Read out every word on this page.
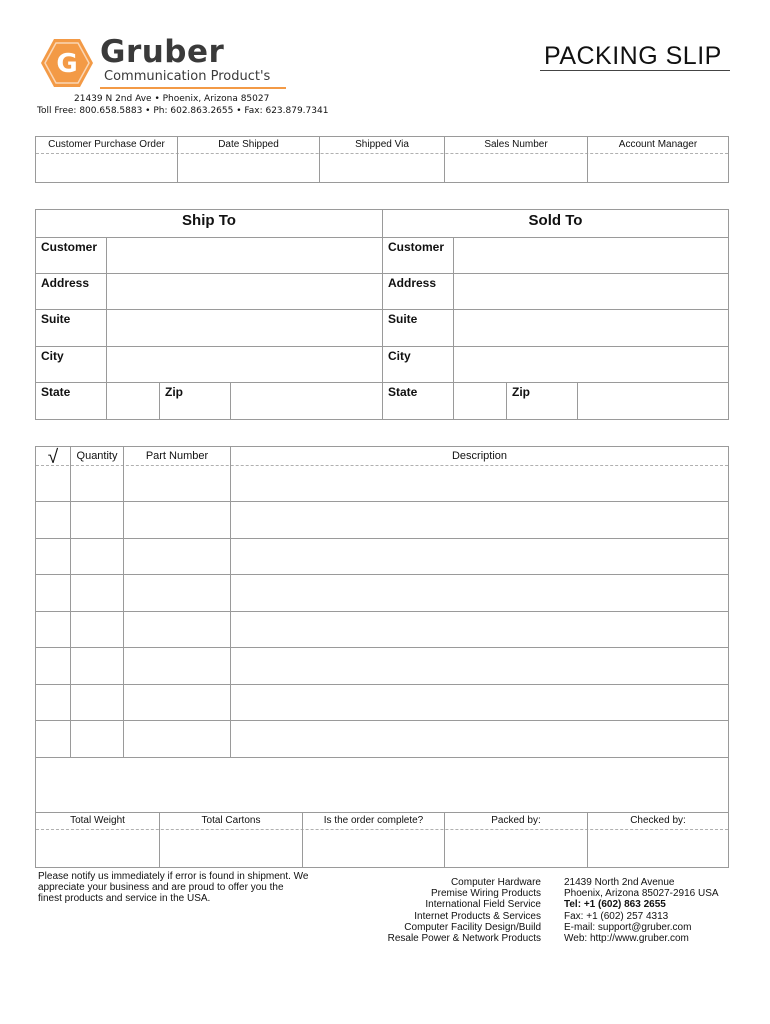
G Gruber
Communication Product's
21439 N 2nd Ave • Phoenix, Arizona 85027
Toll Free: 800.658.5883 • Ph: 602.863.2655 • Fax: 623.879.7341
PACKING SLIP
Customer Purchase Order	Date Shipped	Shipped Via	Sales Number	Account Manager
Ship To	Sold To
Customer
Address
Suite
City
State	Zip
Customer
Address
Suite
City
State	Zip
√	Quantity	Part Number	Description
Total Weight	Total Cartons	Is the order complete?	Packed by:	Checked by:
Please notify us immediately if error is found in shipment. We
appreciate your business and are proud to offer you the
finest products and service in the USA.
Computer Hardware
Premise Wiring Products
International Field Service
Internet Products & Services
Computer Facility Design/Build
Resale Power & Network Products
21439 North 2nd Avenue
Phoenix, Arizona 85027-2916 USA
Tel: +1 (602) 863 2655
Fax: +1 (602) 257 4313
E-mail: support@gruber.com
Web: http://www.gruber.com
